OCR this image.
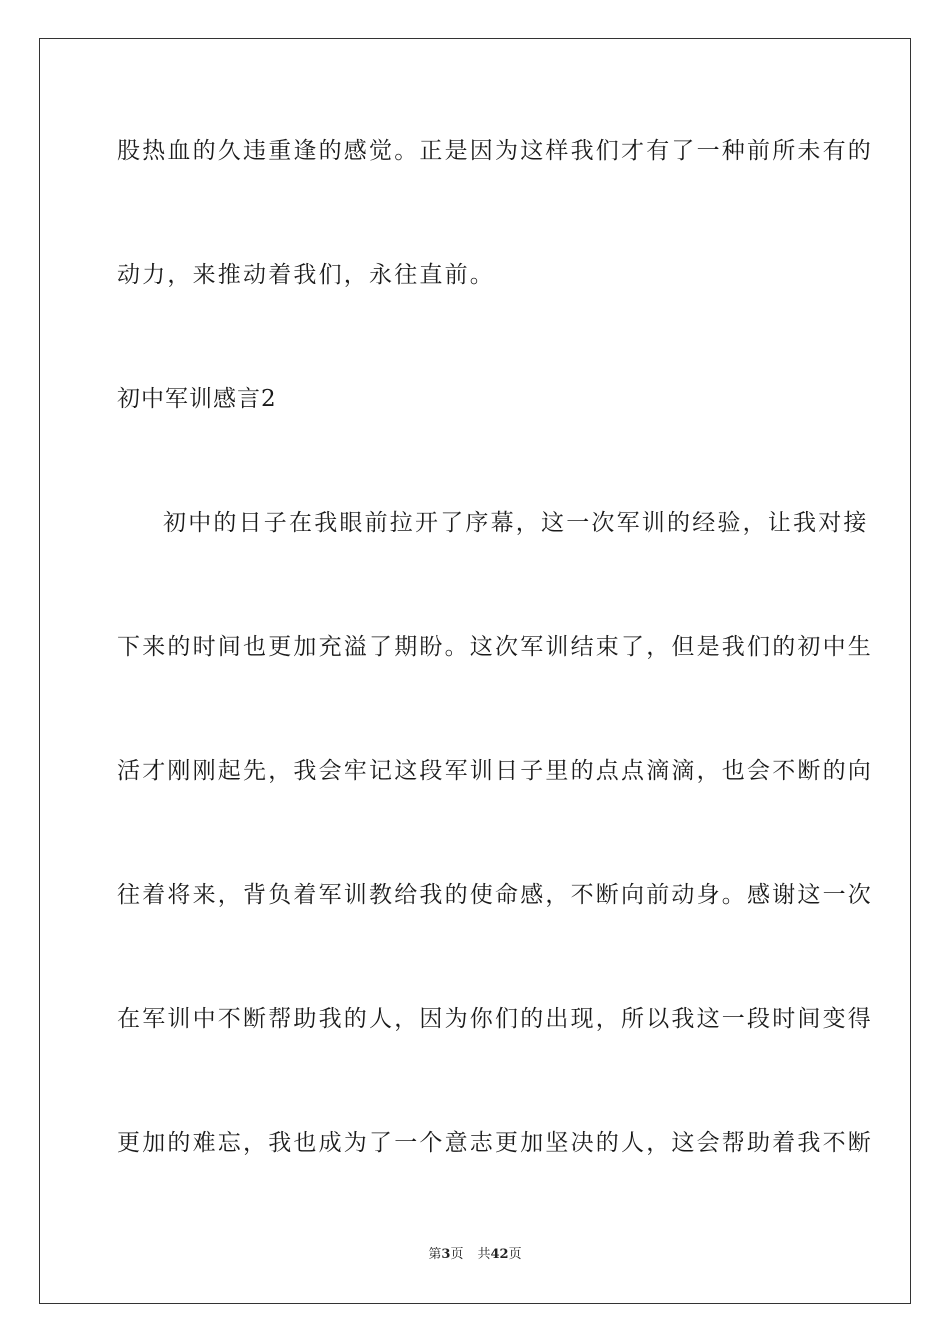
股热血的久违重逢的感觉。正是因为这样我们才有了一种前所未有的
动力，来推动着我们，永往直前。
初中军训感言2
初中的日子在我眼前拉开了序幕，这一次军训的经验，让我对接
下来的时间也更加充溢了期盼。这次军训结束了，但是我们的初中生
活才刚刚起先，我会牢记这段军训日子里的点点滴滴，也会不断的向
往着将来，背负着军训教给我的使命感，不断向前动身。感谢这一次
在军训中不断帮助我的人，因为你们的出现，所以我这一段时间变得
更加的难忘，我也成为了一个意志更加坚决的人，这会帮助着我不断
第3页 共42页
